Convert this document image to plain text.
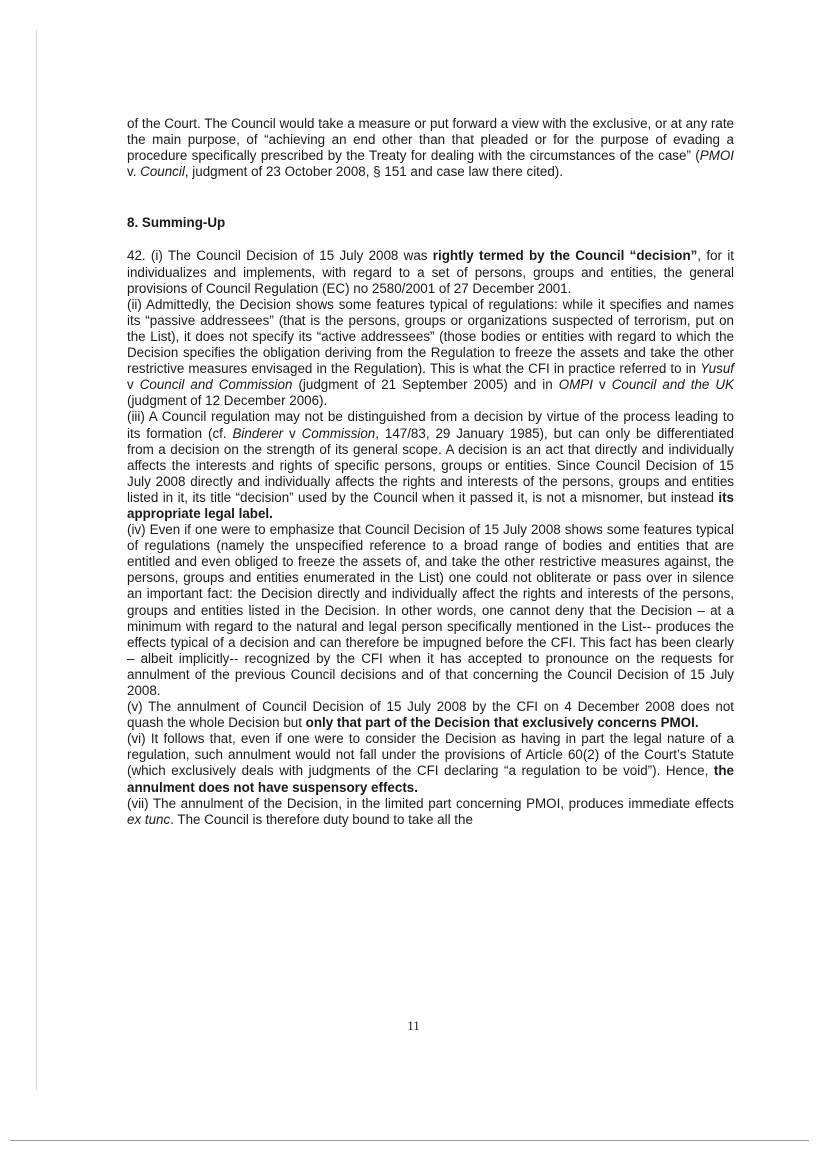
of the Court. The Council would take a measure or put forward a view with the exclusive, or at any rate the main purpose, of “achieving an end other than that pleaded or for the purpose of evading a procedure specifically prescribed by the Treaty for dealing with the circumstances of the case” (PMOI v. Council, judgment of 23 October 2008, § 151 and case law there cited).

8. Summing-Up

42. (i) The Council Decision of 15 July 2008 was rightly termed by the Council “decision”, for it individualizes and implements, with regard to a set of persons, groups and entities, the general provisions of Council Regulation (EC) no 2580/2001 of 27 December 2001.

(ii) Admittedly, the Decision shows some features typical of regulations: while it specifies and names its “passive addressees” (that is the persons, groups or organizations suspected of terrorism, put on the List), it does not specify its “active addressees” (those bodies or entities with regard to which the Decision specifies the obligation deriving from the Regulation to freeze the assets and take the other restrictive measures envisaged in the Regulation). This is what the CFI in practice referred to in Yusuf v Council and Commission (judgment of 21 September 2005) and in OMPI v Council and the UK (judgment of 12 December 2006).

(iii) A Council regulation may not be distinguished from a decision by virtue of the process leading to its formation (cf. Binderer v Commission, 147/83, 29 January 1985), but can only be differentiated from a decision on the strength of its general scope. A decision is an act that directly and individually affects the interests and rights of specific persons, groups or entities. Since Council Decision of 15 July 2008 directly and individually affects the rights and interests of the persons, groups and entities listed in it, its title “decision” used by the Council when it passed it, is not a misnomer, but instead its appropriate legal label.

(iv) Even if one were to emphasize that Council Decision of 15 July 2008 shows some features typical of regulations (namely the unspecified reference to a broad range of bodies and entities that are entitled and even obliged to freeze the assets of, and take the other restrictive measures against, the persons, groups and entities enumerated in the List) one could not obliterate or pass over in silence an important fact: the Decision directly and individually affect the rights and interests of the persons, groups and entities listed in the Decision. In other words, one cannot deny that the Decision – at a minimum with regard to the natural and legal person specifically mentioned in the List-- produces the effects typical of a decision and can therefore be impugned before the CFI. This fact has been clearly – albeit implicitly-- recognized by the CFI when it has accepted to pronounce on the requests for annulment of the previous Council decisions and of that concerning the Council Decision of 15 July 2008.

(v) The annulment of Council Decision of 15 July 2008 by the CFI on 4 December 2008 does not quash the whole Decision but only that part of the Decision that exclusively concerns PMOI.

(vi) It follows that, even if one were to consider the Decision as having in part the legal nature of a regulation, such annulment would not fall under the provisions of Article 60(2) of the Court’s Statute (which exclusively deals with judgments of the CFI declaring “a regulation to be void”). Hence, the annulment does not have suspensory effects.

(vii) The annulment of the Decision, in the limited part concerning PMOI, produces immediate effects ex tunc. The Council is therefore duty bound to take all the

11
